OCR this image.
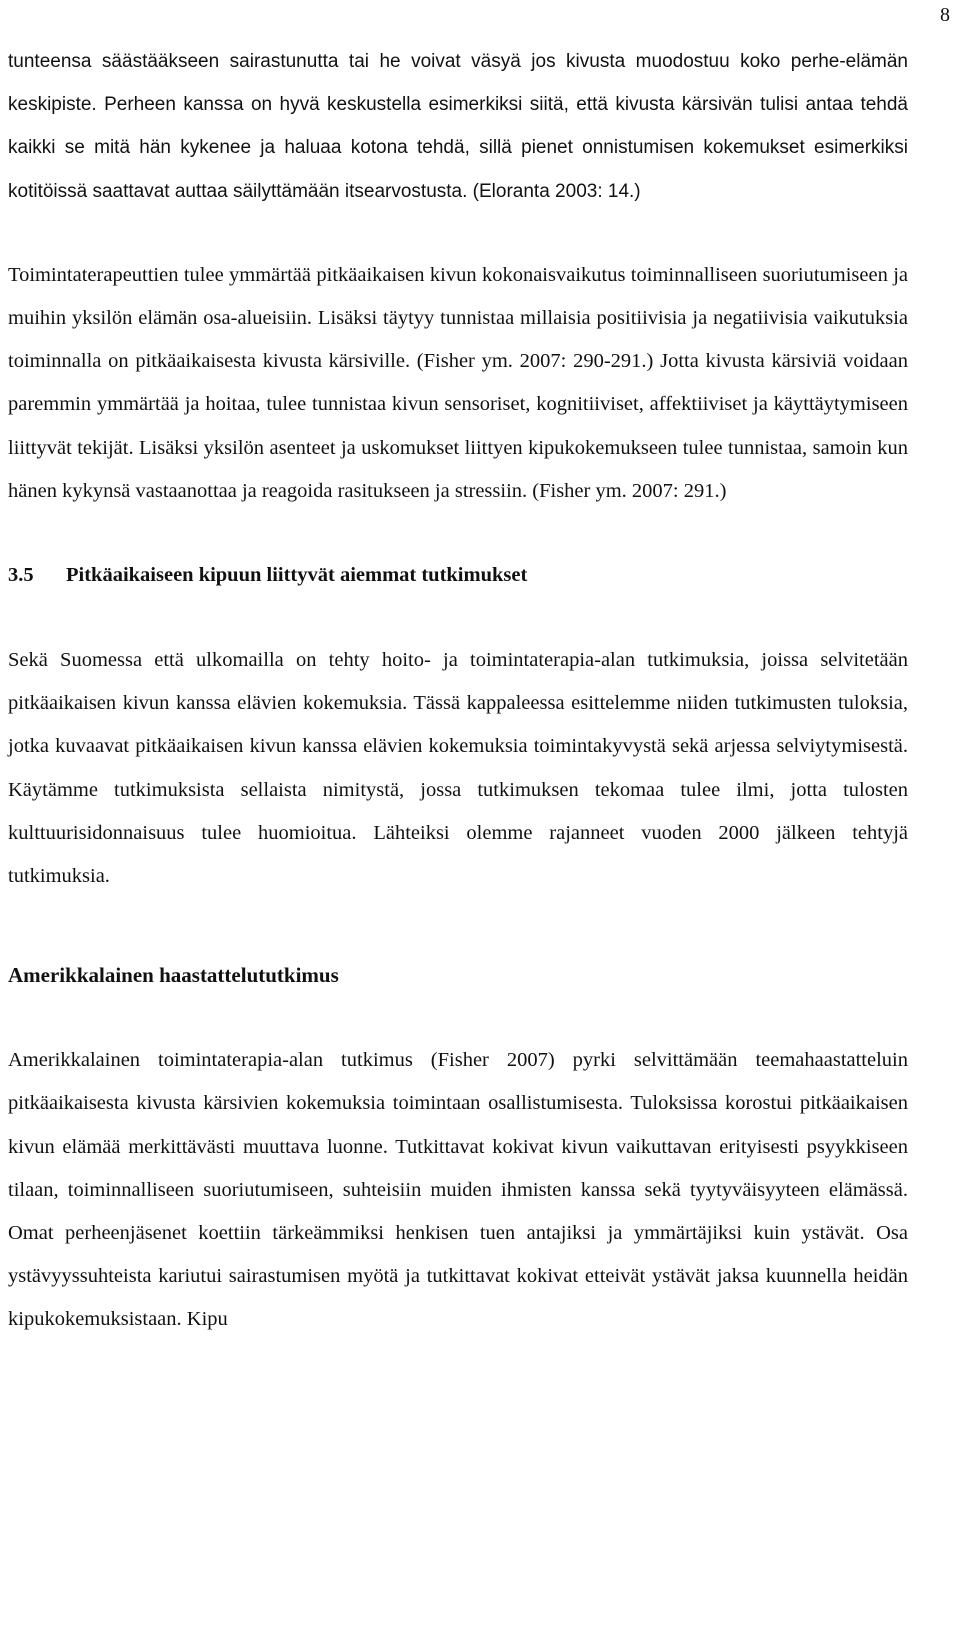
8

tunteensa säästääkseen sairastunutta tai he voivat väsyä jos kivusta muodostuu koko perhe-elämän keskipiste. Perheen kanssa on hyvä keskustella esimerkiksi siitä, että kivusta kärsivän tulisi antaa tehdä kaikki se mitä hän kykenee ja haluaa kotona tehdä, sillä pienet onnistumisen kokemukset esimerkiksi kotitöissä saattavat auttaa säilyttämään itsearvostusta. (Eloranta 2003: 14.)

Toimintaterapeuttien tulee ymmärtää pitkäaikaisen kivun kokonaisvaikutus toiminnalliseen suoriutumiseen ja muihin yksilön elämän osa-alueisiin. Lisäksi täytyy tunnistaa millaisia positiivisia ja negatiivisia vaikutuksia toiminnalla on pitkäaikaisesta kivusta kärsiville. (Fisher ym. 2007: 290-291.) Jotta kivusta kärsiviä voidaan paremmin ymmärtää ja hoitaa, tulee tunnistaa kivun sensoriset, kognitiiviset, affektiiviset ja käyttäytymiseen liittyvät tekijät. Lisäksi yksilön asenteet ja uskomukset liittyen kipukokemukseen tulee tunnistaa, samoin kun hänen kykynsä vastaanottaa ja reagoida rasitukseen ja stressiin. (Fisher ym. 2007: 291.)

3.5 Pitkäaikaiseen kipuun liittyvät aiemmat tutkimukset

Sekä Suomessa että ulkomailla on tehty hoito- ja toimintaterapia-alan tutkimuksia, joissa selvitetään pitkäaikaisen kivun kanssa elävien kokemuksia. Tässä kappaleessa esittelemme niiden tutkimusten tuloksia, jotka kuvaavat pitkäaikaisen kivun kanssa elävien kokemuksia toimintakyvystä sekä arjessa selviytymisestä. Käytämme tutkimuksista sellaista nimitystä, jossa tutkimuksen tekomaa tulee ilmi, jotta tulosten kulttuurisidonnaisuus tulee huomioitua. Lähteiksi olemme rajanneet vuoden 2000 jälkeen tehtyjä tutkimuksia.

Amerikkalainen haastattelututkimus

Amerikkalainen toimintaterapia-alan tutkimus (Fisher 2007) pyrki selvittämään teemahaastatteluin pitkäaikaisesta kivusta kärsivien kokemuksia toimintaan osallistumisesta. Tuloksissa korostui pitkäaikaisen kivun elämää merkittävästi muuttava luonne. Tutkittavat kokivat kivun vaikuttavan erityisesti psyykkiseen tilaan, toiminnalliseen suoriutumiseen, suhteisiin muiden ihmisten kanssa sekä tyytyväisyyteen elämässä. Omat perheenjäsenet koettiin tärkeämmiksi henkisen tuen antajiksi ja ymmärtäjiksi kuin ystävät. Osa ystävyyssuhteista kariutui sairastumisen myötä ja tutkittavat kokivat etteivät ystävät jaksa kuunnella heidän kipukokemuksistaan. Kipu
